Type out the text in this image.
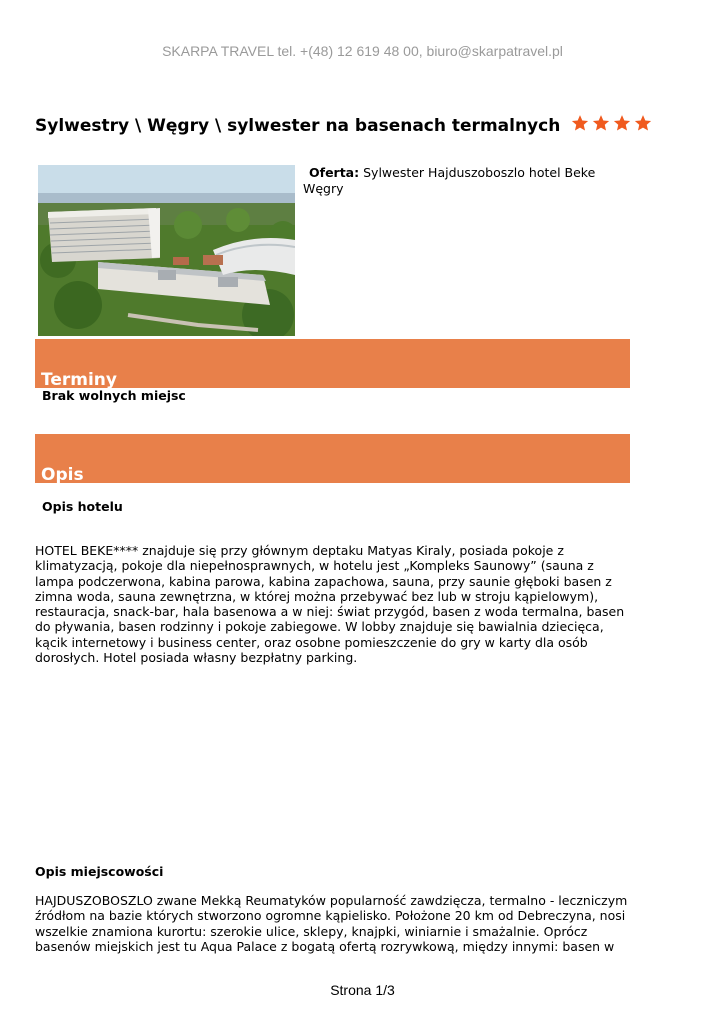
SKARPA TRAVEL tel. +(48) 12 619 48 00, biuro@skarpatravel.pl
Sylwestry \ Węgry \ sylwester na basenach termalnych
Oferta: Sylwester Hajduszoboszlo hotel Beke Węgry
Terminy
Brak wolnych miejsc
Opis
Opis hotelu
HOTEL BEKE**** znajduje się przy głównym deptaku Matyas Kiraly, posiada pokoje z klimatyzacją, pokoje dla niepełnosprawnych, w hotelu jest „Kompleks Saunowy” (sauna z lampa podczerwona, kabina parowa, kabina zapachowa, sauna, przy saunie głęboki basen z zimna woda, sauna zewnętrzna, w której można przebywać bez lub w stroju kąpielowym), restauracja, snack-bar, hala basenowa a w niej: świat przygód, basen z woda termalna, basen do pływania, basen rodzinny i pokoje zabiegowe. W lobby znajduje się bawialnia dziecięca, kącik internetowy i business center, oraz osobne pomieszczenie do gry w karty dla osób dorosłych. Hotel posiada własny bezpłatny parking.
Opis miejscowości
HAJDUSZOBOSZLO zwane Mekką Reumatyków popularność zawdzięcza, termalno - leczniczym źródłom na bazie których stworzono ogromne kąpielisko. Położone 20 km od Debreczyna, nosi wszelkie znamiona kurortu: szerokie ulice, sklepy, knajpki, winiarnie i smażalnie. Oprócz basenów miejskich jest tu Aqua Palace z bogatą ofertą rozrywkową, między innymi: basen w
Strona 1/3
